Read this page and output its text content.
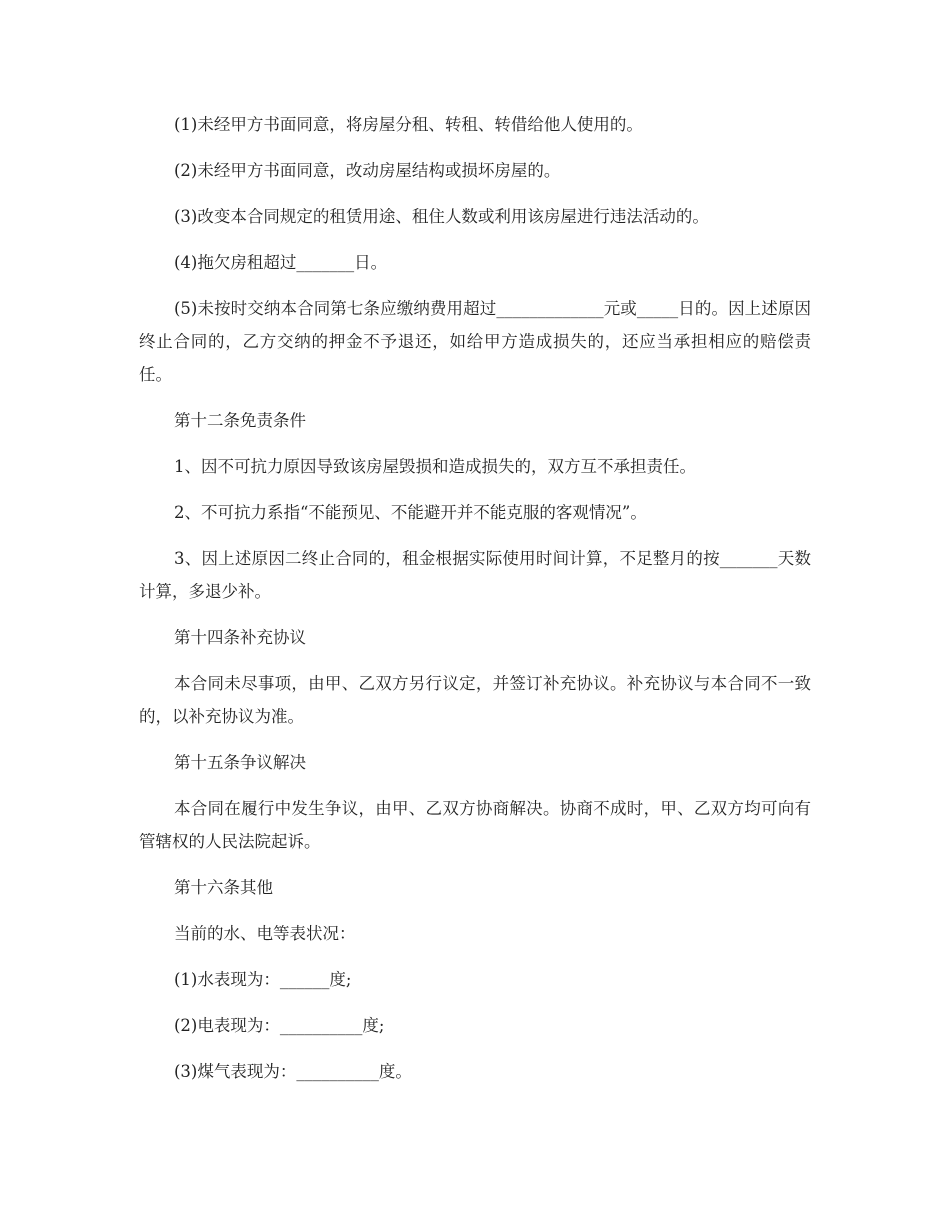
(1)未经甲方书面同意，将房屋分租、转租、转借给他人使用的。

(2)未经甲方书面同意，改动房屋结构或损坏房屋的。

(3)改变本合同规定的租赁用途、租住人数或利用该房屋进行违法活动的。

(4)拖欠房租超过_______日。

(5)未按时交纳本合同第七条应缴纳费用超过_____________元或_____日的。因上述原因终止合同的，乙方交纳的押金不予退还，如给甲方造成损失的，还应当承担相应的赔偿责任。

第十二条免责条件

1、因不可抗力原因导致该房屋毁损和造成损失的，双方互不承担责任。

2、不可抗力系指“不能预见、不能避开并不能克服的客观情况”。

3、因上述原因二终止合同的，租金根据实际使用时间计算，不足整月的按_______天数计算，多退少补。

第十四条补充协议

本合同未尽事项，由甲、乙双方另行议定，并签订补充协议。补充协议与本合同不一致的，以补充协议为准。

第十五条争议解决

本合同在履行中发生争议，由甲、乙双方协商解决。协商不成时，甲、乙双方均可向有管辖权的人民法院起诉。

第十六条其他

当前的水、电等表状况：

(1)水表现为：______度;

(2)电表现为：__________度;

(3)煤气表现为：__________度。
